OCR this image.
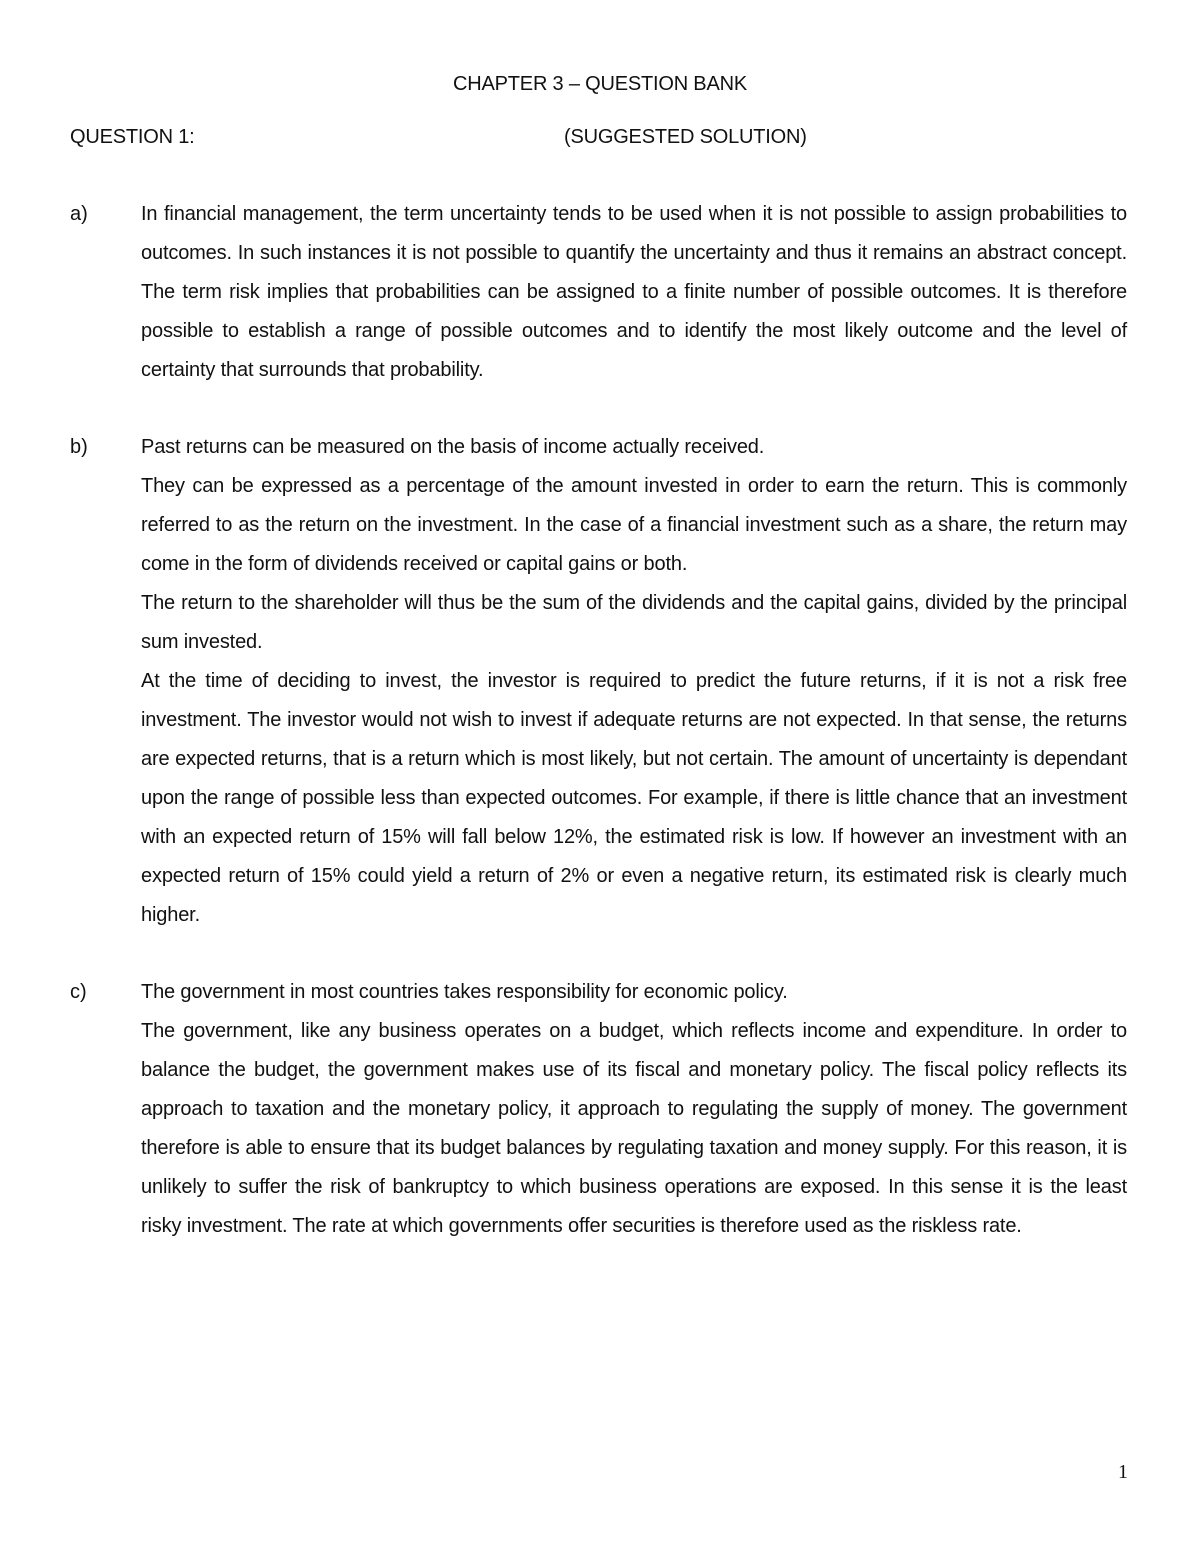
CHAPTER 3 – QUESTION BANK
QUESTION 1:	(SUGGESTED SOLUTION)
a)	In financial management, the term uncertainty tends to be used when it is not possible to assign probabilities to outcomes. In such instances it is not possible to quantify the uncertainty and thus it remains an abstract concept. The term risk implies that probabilities can be assigned to a finite number of possible outcomes. It is therefore possible to establish a range of possible outcomes and to identify the most likely outcome and the level of certainty that surrounds that probability.

b)	Past returns can be measured on the basis of income actually received.

They can be expressed as a percentage of the amount invested in order to earn the return. This is commonly referred to as the return on the investment. In the case of a financial investment such as a share, the return may come in the form of dividends received or capital gains or both.

The return to the shareholder will thus be the sum of the dividends and the capital gains, divided by the principal sum invested.

At the time of deciding to invest, the investor is required to predict the future returns, if it is not a risk free investment. The investor would not wish to invest if adequate returns are not expected. In that sense, the returns are expected returns, that is a return which is most likely, but not certain. The amount of uncertainty is dependant upon the range of possible less than expected outcomes. For example, if there is little chance that an investment with an expected return of 15% will fall below 12%, the estimated risk is low. If however an investment with an expected return of 15% could yield a return of 2% or even a negative return, its estimated risk is clearly much higher.

c)	The government in most countries takes responsibility for economic policy.

The government, like any business operates on a budget, which reflects income and expenditure. In order to balance the budget, the government makes use of its fiscal and monetary policy. The fiscal policy reflects its approach to taxation and the monetary policy, it approach to regulating the supply of money. The government therefore is able to ensure that its budget balances by regulating taxation and money supply. For this reason, it is unlikely to suffer the risk of bankruptcy to which business operations are exposed. In this sense it is the least risky investment. The rate at which governments offer securities is therefore used as the riskless rate.

1
